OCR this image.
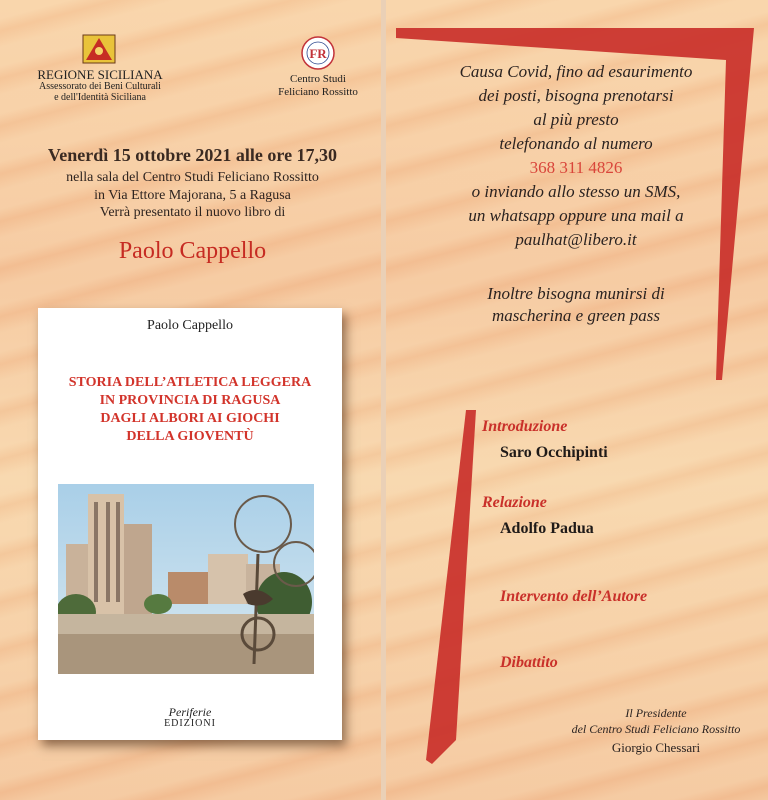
REGIONE SICILIANA
Assessorato dei Beni Culturali
e dell'Identità Siciliana
FR
Centro Studi
Feliciano Rossitto
Venerdì 15 ottobre 2021 alle ore 17,30
nella sala del Centro Studi Feliciano Rossitto
in Via Ettore Majorana, 5 a Ragusa
Verrà presentato il nuovo libro di
Paolo Cappello
Paolo Cappello
STORIA DELL’ATLETICA LEGGERA
IN PROVINCIA DI RAGUSA
DAGLI ALBORI AI GIOCHI
DELLA GIOVENTÙ
Periferie
EDIZIONI
Causa Covid, fino ad esaurimento
dei posti, bisogna prenotarsi
al più presto
telefonando al numero
368 311 4826
o inviando allo stesso un SMS,
un whatsapp oppure una mail a
paulhat@libero.it
Inoltre bisogna munirsi di
mascherina e green pass
Introduzione
Saro Occhipinti
Relazione
Adolfo Padua
Intervento dell’Autore
Dibattito
Il Presidente
del Centro Studi Feliciano Rossitto
Giorgio Chessari
